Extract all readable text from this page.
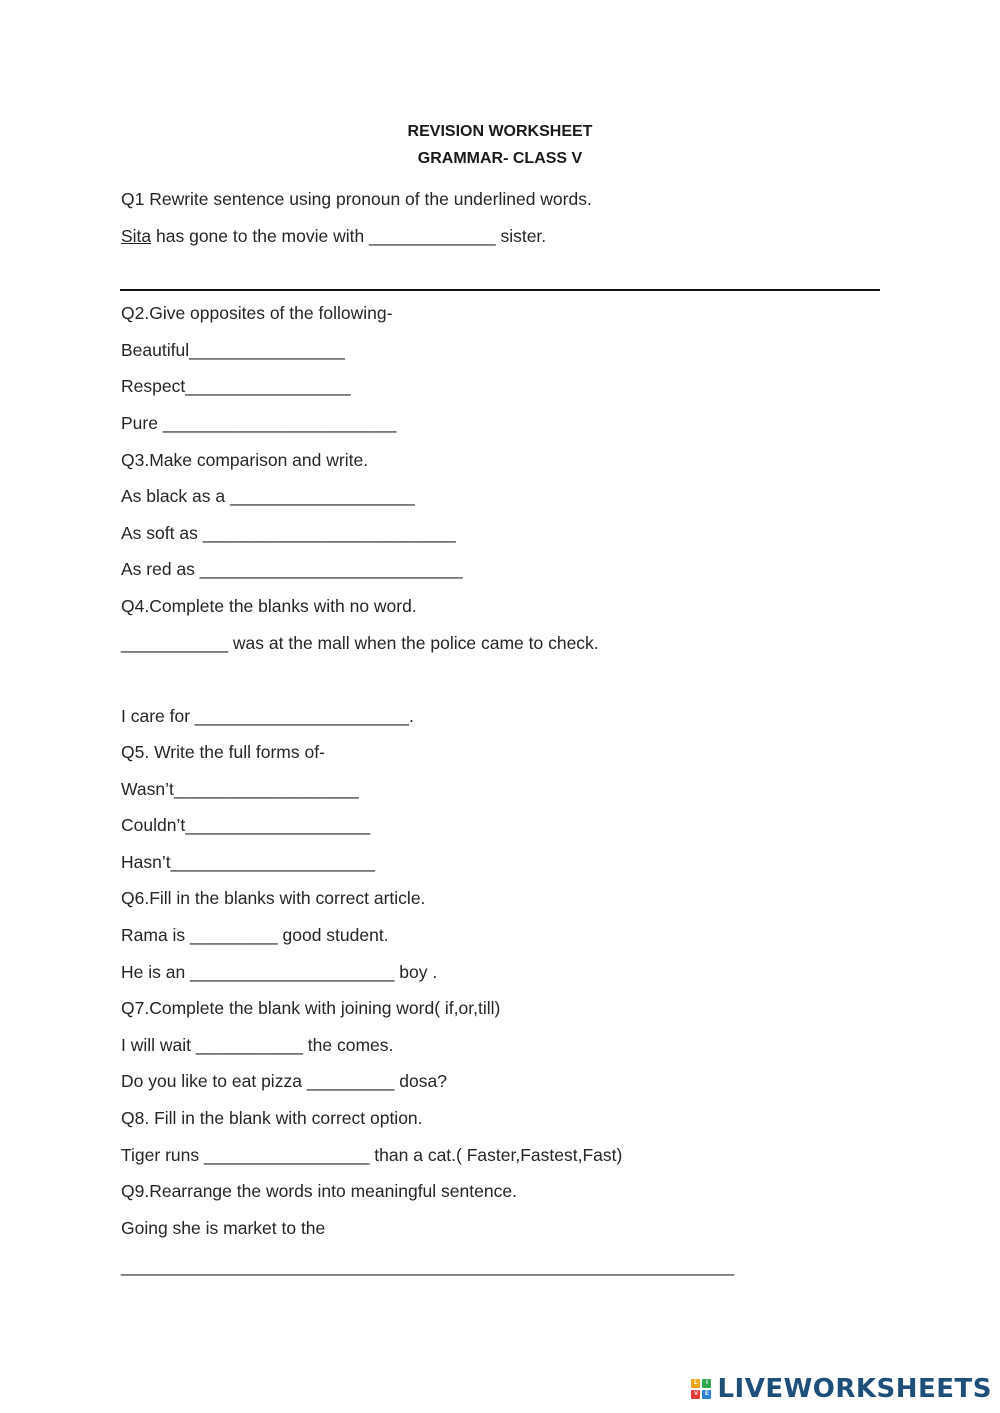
REVISION WORKSHEET
GRAMMAR- CLASS V
Q1 Rewrite sentence using pronoun of the underlined words.
Sita has gone to the movie with _____________ sister.
Q2.Give opposites of the following-
Beautiful________________
Respect_________________
Pure ________________________
Q3.Make comparison and write.
As black as a ___________________
As soft as __________________________
As red as ___________________________
Q4.Complete the blanks with no word.
___________ was at the mall when the police came to check.
I care for ______________________.
Q5. Write the full forms of-
Wasn’t___________________
Couldn’t___________________
Hasn’t_____________________
Q6.Fill in the blanks with correct article.
Rama is _________ good student.
He is an _____________________ boy .
Q7.Complete the blank with joining word( if,or,till)
I will wait ___________ the comes.
Do you like to eat pizza _________ dosa?
Q8. Fill in the blank with correct option.
Tiger runs _________________ than a cat.( Faster,Fastest,Fast)
Q9.Rearrange the words into meaningful sentence.
Going she is market to the
_______________________________________________________________
L	I
V	E LIVEWORKSHEETS
